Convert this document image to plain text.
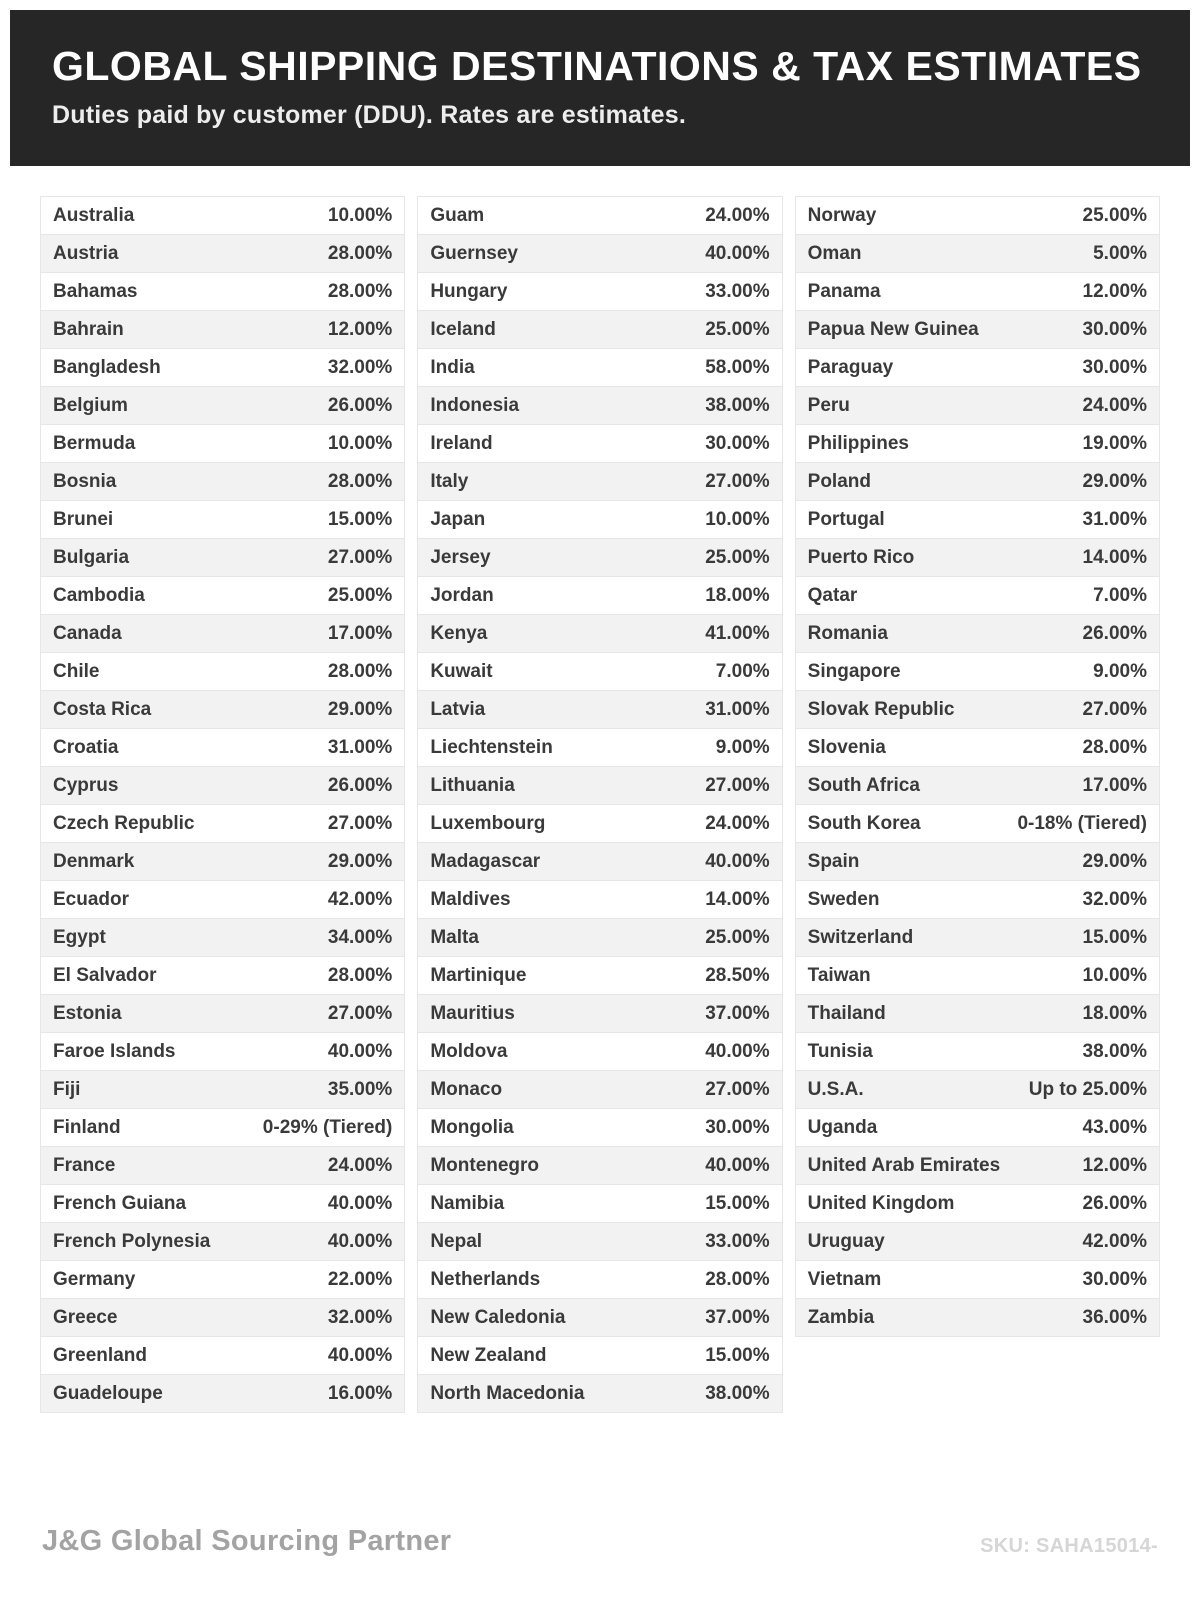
GLOBAL SHIPPING DESTINATIONS & TAX ESTIMATES

Duties paid by customer (DDU). Rates are estimates.

Australia	10.00%
Austria	28.00%
Bahamas	28.00%
Bahrain	12.00%
Bangladesh	32.00%
Belgium	26.00%
Bermuda	10.00%
Bosnia	28.00%
Brunei	15.00%
Bulgaria	27.00%
Cambodia	25.00%
Canada	17.00%
Chile	28.00%
Costa Rica	29.00%
Croatia	31.00%
Cyprus	26.00%
Czech Republic	27.00%
Denmark	29.00%
Ecuador	42.00%
Egypt	34.00%
El Salvador	28.00%
Estonia	27.00%
Faroe Islands	40.00%
Fiji	35.00%
Finland	0-29% (Tiered)
France	24.00%
French Guiana	40.00%
French Polynesia	40.00%
Germany	22.00%
Greece	32.00%
Greenland	40.00%
Guadeloupe	16.00%
Guam	24.00%
Guernsey	40.00%
Hungary	33.00%
Iceland	25.00%
India	58.00%
Indonesia	38.00%
Ireland	30.00%
Italy	27.00%
Japan	10.00%
Jersey	25.00%
Jordan	18.00%
Kenya	41.00%
Kuwait	7.00%
Latvia	31.00%
Liechtenstein	9.00%
Lithuania	27.00%
Luxembourg	24.00%
Madagascar	40.00%
Maldives	14.00%
Malta	25.00%
Martinique	28.50%
Mauritius	37.00%
Moldova	40.00%
Monaco	27.00%
Mongolia	30.00%
Montenegro	40.00%
Namibia	15.00%
Nepal	33.00%
Netherlands	28.00%
New Caledonia	37.00%
New Zealand	15.00%
North Macedonia	38.00%
Norway	25.00%
Oman	5.00%
Panama	12.00%
Papua New Guinea	30.00%
Paraguay	30.00%
Peru	24.00%
Philippines	19.00%
Poland	29.00%
Portugal	31.00%
Puerto Rico	14.00%
Qatar	7.00%
Romania	26.00%
Singapore	9.00%
Slovak Republic	27.00%
Slovenia	28.00%
South Africa	17.00%
South Korea	0-18% (Tiered)
Spain	29.00%
Sweden	32.00%
Switzerland	15.00%
Taiwan	10.00%
Thailand	18.00%
Tunisia	38.00%
U.S.A.	Up to 25.00%
Uganda	43.00%
United Arab Emirates	12.00%
United Kingdom	26.00%
Uruguay	42.00%
Vietnam	30.00%
Zambia	36.00%
J&G Global Sourcing Partner	SKU: SAHA15014-
